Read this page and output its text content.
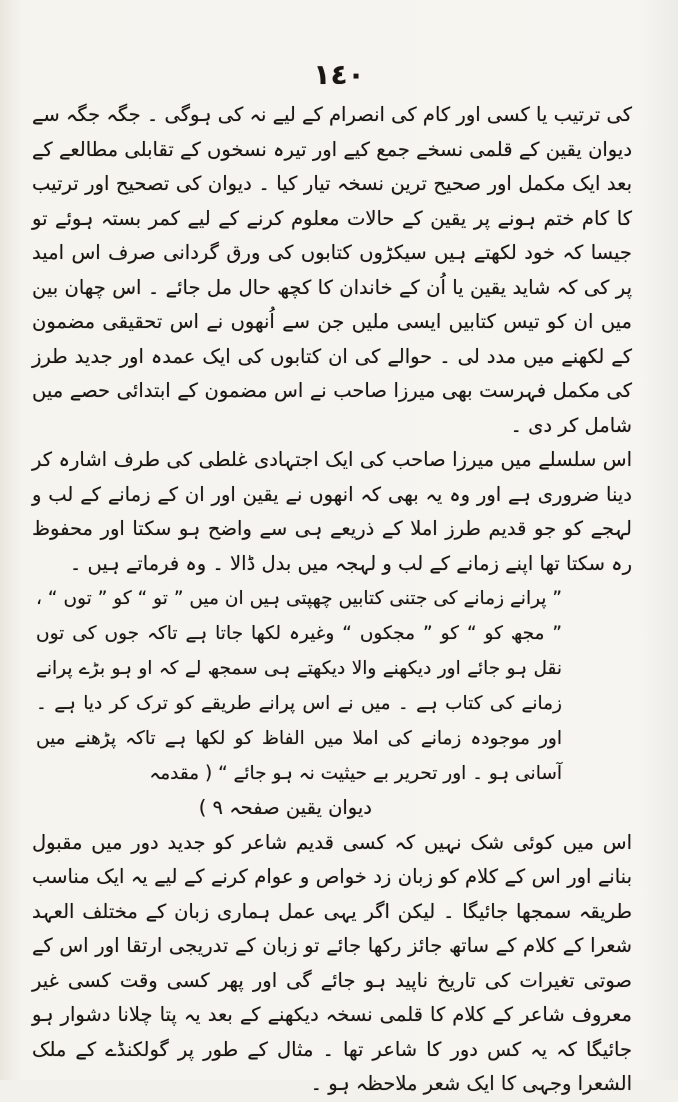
١٤٠

کی ترتیب یا کسی اور کام کی انصرام کے لیے نہ کی ہوگی ۔ جگہ جگہ سے دیوان یقین کے قلمی نسخے جمع کیے اور تیرہ نسخوں کے تقابلی مطالعے کے بعد ایک مکمل اور صحیح ترین نسخہ تیار کیا ۔ دیوان کی تصحیح اور ترتیب کا کام ختم ہونے پر یقین کے حالات معلوم کرنے کے لیے کمر بستہ ہوئے تو جیسا کہ خود لکھتے ہیں سیکڑوں کتابوں کی ورق گردانی صرف اس امید پر کی کہ شاید یقین یا اُن کے خاندان کا کچھ حال مل جائے ۔ اس چھان بین میں ان کو تیس کتابیں ایسی ملیں جن سے اُنھوں نے اس تحقیقی مضمون کے لکھنے میں مدد لی ۔ حوالے کی ان کتابوں کی ایک عمدہ اور جدید طرز کی مکمل فہرست بھی میرزا صاحب نے اس مضمون کے ابتدائی حصے میں شامل کر دی ۔

اس سلسلے میں میرزا صاحب کی ایک اجتہادی غلطی کی طرف اشارہ کر دینا ضروری ہے اور وہ یہ بھی کہ انھوں نے یقین اور ان کے زمانے کے لب و لہجے کو جو قدیم طرز املا کے ذریعے ہی سے واضح ہو سکتا اور محفوظ رہ سکتا تھا اپنے زمانے کے لب و لہجہ میں بدل ڈالا ۔ وہ فرماتے ہیں ۔

” پرانے زمانے کی جتنی کتابیں چھپتی ہیں ان میں ” تو “ کو ” توں “ ، ” مجھ کو “ کو ” مجکوں “ وغیرہ لکھا جاتا ہے تاکہ جوں کی توں نقل ہو جائے اور دیکھنے والا دیکھتے ہی سمجھ لے کہ او ہو بڑے پرانے زمانے کی کتاب ہے ۔ میں نے اس پرانے طریقے کو ترک کر دیا ہے ۔ اور موجودہ زمانے کی املا میں الفاظ کو لکھا ہے تاکہ پڑھنے میں آسانی ہو ۔ اور تحریر بے حیثیت نہ ہو جائے “ ( مقدمہ

دیوان یقین صفحہ ۹ )

اس میں کوئی شک نہیں کہ کسی قدیم شاعر کو جدید دور میں مقبول بنانے اور اس کے کلام کو زبان زد خواص و عوام کرنے کے لیے یہ ایک مناسب طریقہ سمجھا جائیگا ۔ لیکن اگر یہی عمل ہماری زبان کے مختلف العہد شعرا کے کلام کے ساتھ جائز رکھا جائے تو زبان کے تدریجی ارتقا اور اس کے صوتی تغیرات کی تاریخ ناپید ہو جائے گی اور پھر کسی وقت کسی غیر معروف شاعر کے کلام کا قلمی نسخہ دیکھنے کے بعد یہ پتا چلانا دشوار ہو جائیگا کہ یہ کس دور کا شاعر تھا ۔ مثال کے طور پر گولکنڈے کے ملک الشعرا وجہی کا ایک شعر ملاحظہ ہو ۔
